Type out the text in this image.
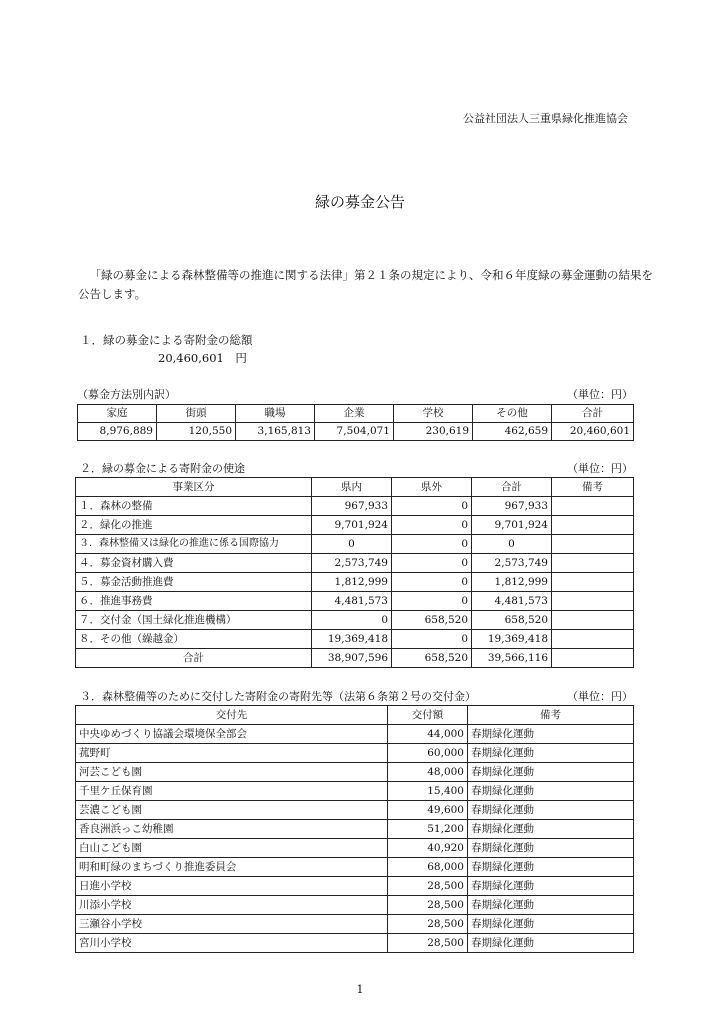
公益社団法人三重県緑化推進協会
緑の募金公告
「緑の募金による森林整備等の推進に関する法律」第２１条の規定により、令和６年度緑の募金運動の結果を公告します。
１．緑の募金による寄附金の総額
20,460,601　円
（募金方法別内訳）	（単位：円）
家庭	街頭	職場	企業	学校	その他	合計
8,976,889	120,550	3,165,813	7,504,071	230,619	462,659	20,460,601
２．緑の募金による寄附金の使途	（単位：円）
事業区分	県内	県外	合計	備考
１．森林の整備	967,933	0	967,933	
２．緑化の推進	9,701,924	0	9,701,924	
３．森林整備又は緑化の推進に係る国際協力	0	0	0	
４．募金資材購入費	2,573,749	0	2,573,749	
５．募金活動推進費	1,812,999	0	1,812,999	
６．推進事務費	4,481,573	0	4,481,573	
７．交付金（国土緑化推進機構）	0	658,520	658,520	
８．その他（繰越金）	19,369,418	0	19,369,418	
合計	38,907,596	658,520	39,566,116	
３．森林整備等のために交付した寄附金の寄附先等（法第６条第２号の交付金）	（単位：円）
交付先	交付額	備考
中央ゆめづくり協議会環境保全部会	44,000	春期緑化運動
菰野町	60,000	春期緑化運動
河芸こども園	48,000	春期緑化運動
千里ケ丘保育園	15,400	春期緑化運動
芸濃こども園	49,600	春期緑化運動
香良洲浜っこ幼稚園	51,200	春期緑化運動
白山こども園	40,920	春期緑化運動
明和町緑のまちづくり推進委員会	68,000	春期緑化運動
日進小学校	28,500	春期緑化運動
川添小学校	28,500	春期緑化運動
三瀬谷小学校	28,500	春期緑化運動
宮川小学校	28,500	春期緑化運動
1
